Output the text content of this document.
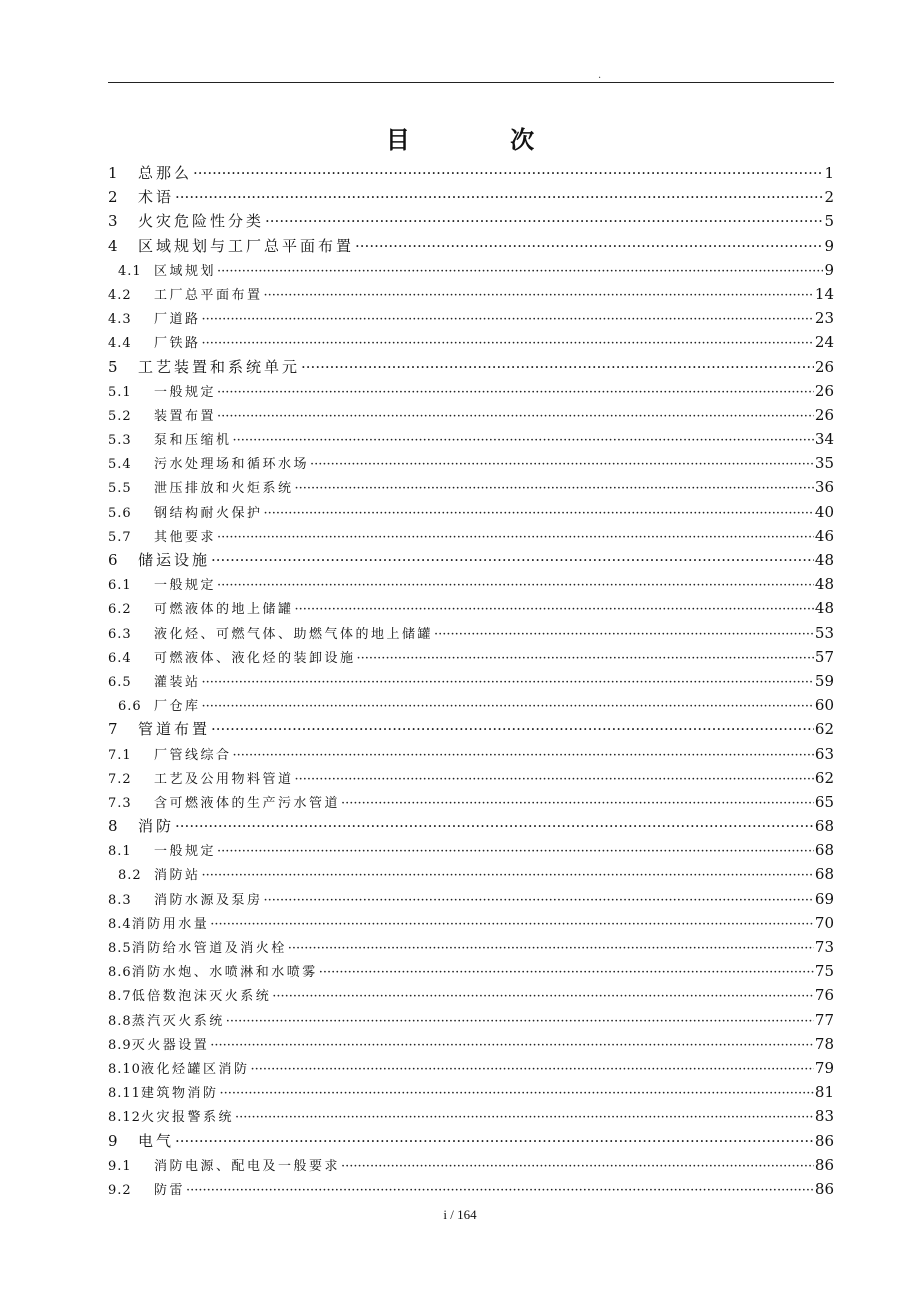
.
目 次
1	总那么 ·····	1
2	术语 ·····	2
3	火灾危险性分类 ·····	5
4	区域规划与工厂总平面布置 ·····	9
4.1 区域规划 ·····	9
4.2	工厂总平面布置 ·····	14
4.3	厂道路 ·····	23
4.4	厂铁路 ·····	24
5	工艺装置和系统单元 ·····	26
5.1	一般规定 ·····	26
5.2	装置布置 ·····	26
5.3	泵和压缩机 ·····	34
5.4	污水处理场和循环水场 ·····	35
5.5	泄压排放和火炬系统 ·····	36
5.6	钢结构耐火保护 ·····	40
5.7	其他要求 ·····	46
6	储运设施 ·····	48
6.1	一般规定 ·····	48
6.2	可燃液体的地上储罐 ·····	48
6.3	液化烃、可燃气体、助燃气体的地上储罐 ·····	53
6.4	可燃液体、液化烃的装卸设施 ·····	57
6.5	灌装站 ·····	59
6.6 厂仓库 ·····	60
7	管道布置 ·····	62
7.1	厂管线综合 ·····	63
7.2	工艺及公用物料管道 ·····	62
7.3	含可燃液体的生产污水管道 ·····	65
8	消防 ·····	68
8.1	一般规定 ·····	68
8.2 消防站 ·····	68
8.3	消防水源及泵房 ·····	69
8.4 消防用水量 ·····	70
8.5 消防给水管道及消火栓 ·····	73
8.6 消防水炮、水喷淋和水喷雾 ·····	75
8.7 低倍数泡沫灭火系统 ·····	76
8.8 蒸汽灭火系统 ·····	77
8.9 灭火器设置 ·····	78
8.10 液化烃罐区消防 ·····	79
8.11 建筑物消防 ·····	81
8.12 火灾报警系统 ·····	83
9	电气 ·····	86
9.1	消防电源、配电及一般要求 ·····	86
9.2	防雷 ·····	86
i / 164
